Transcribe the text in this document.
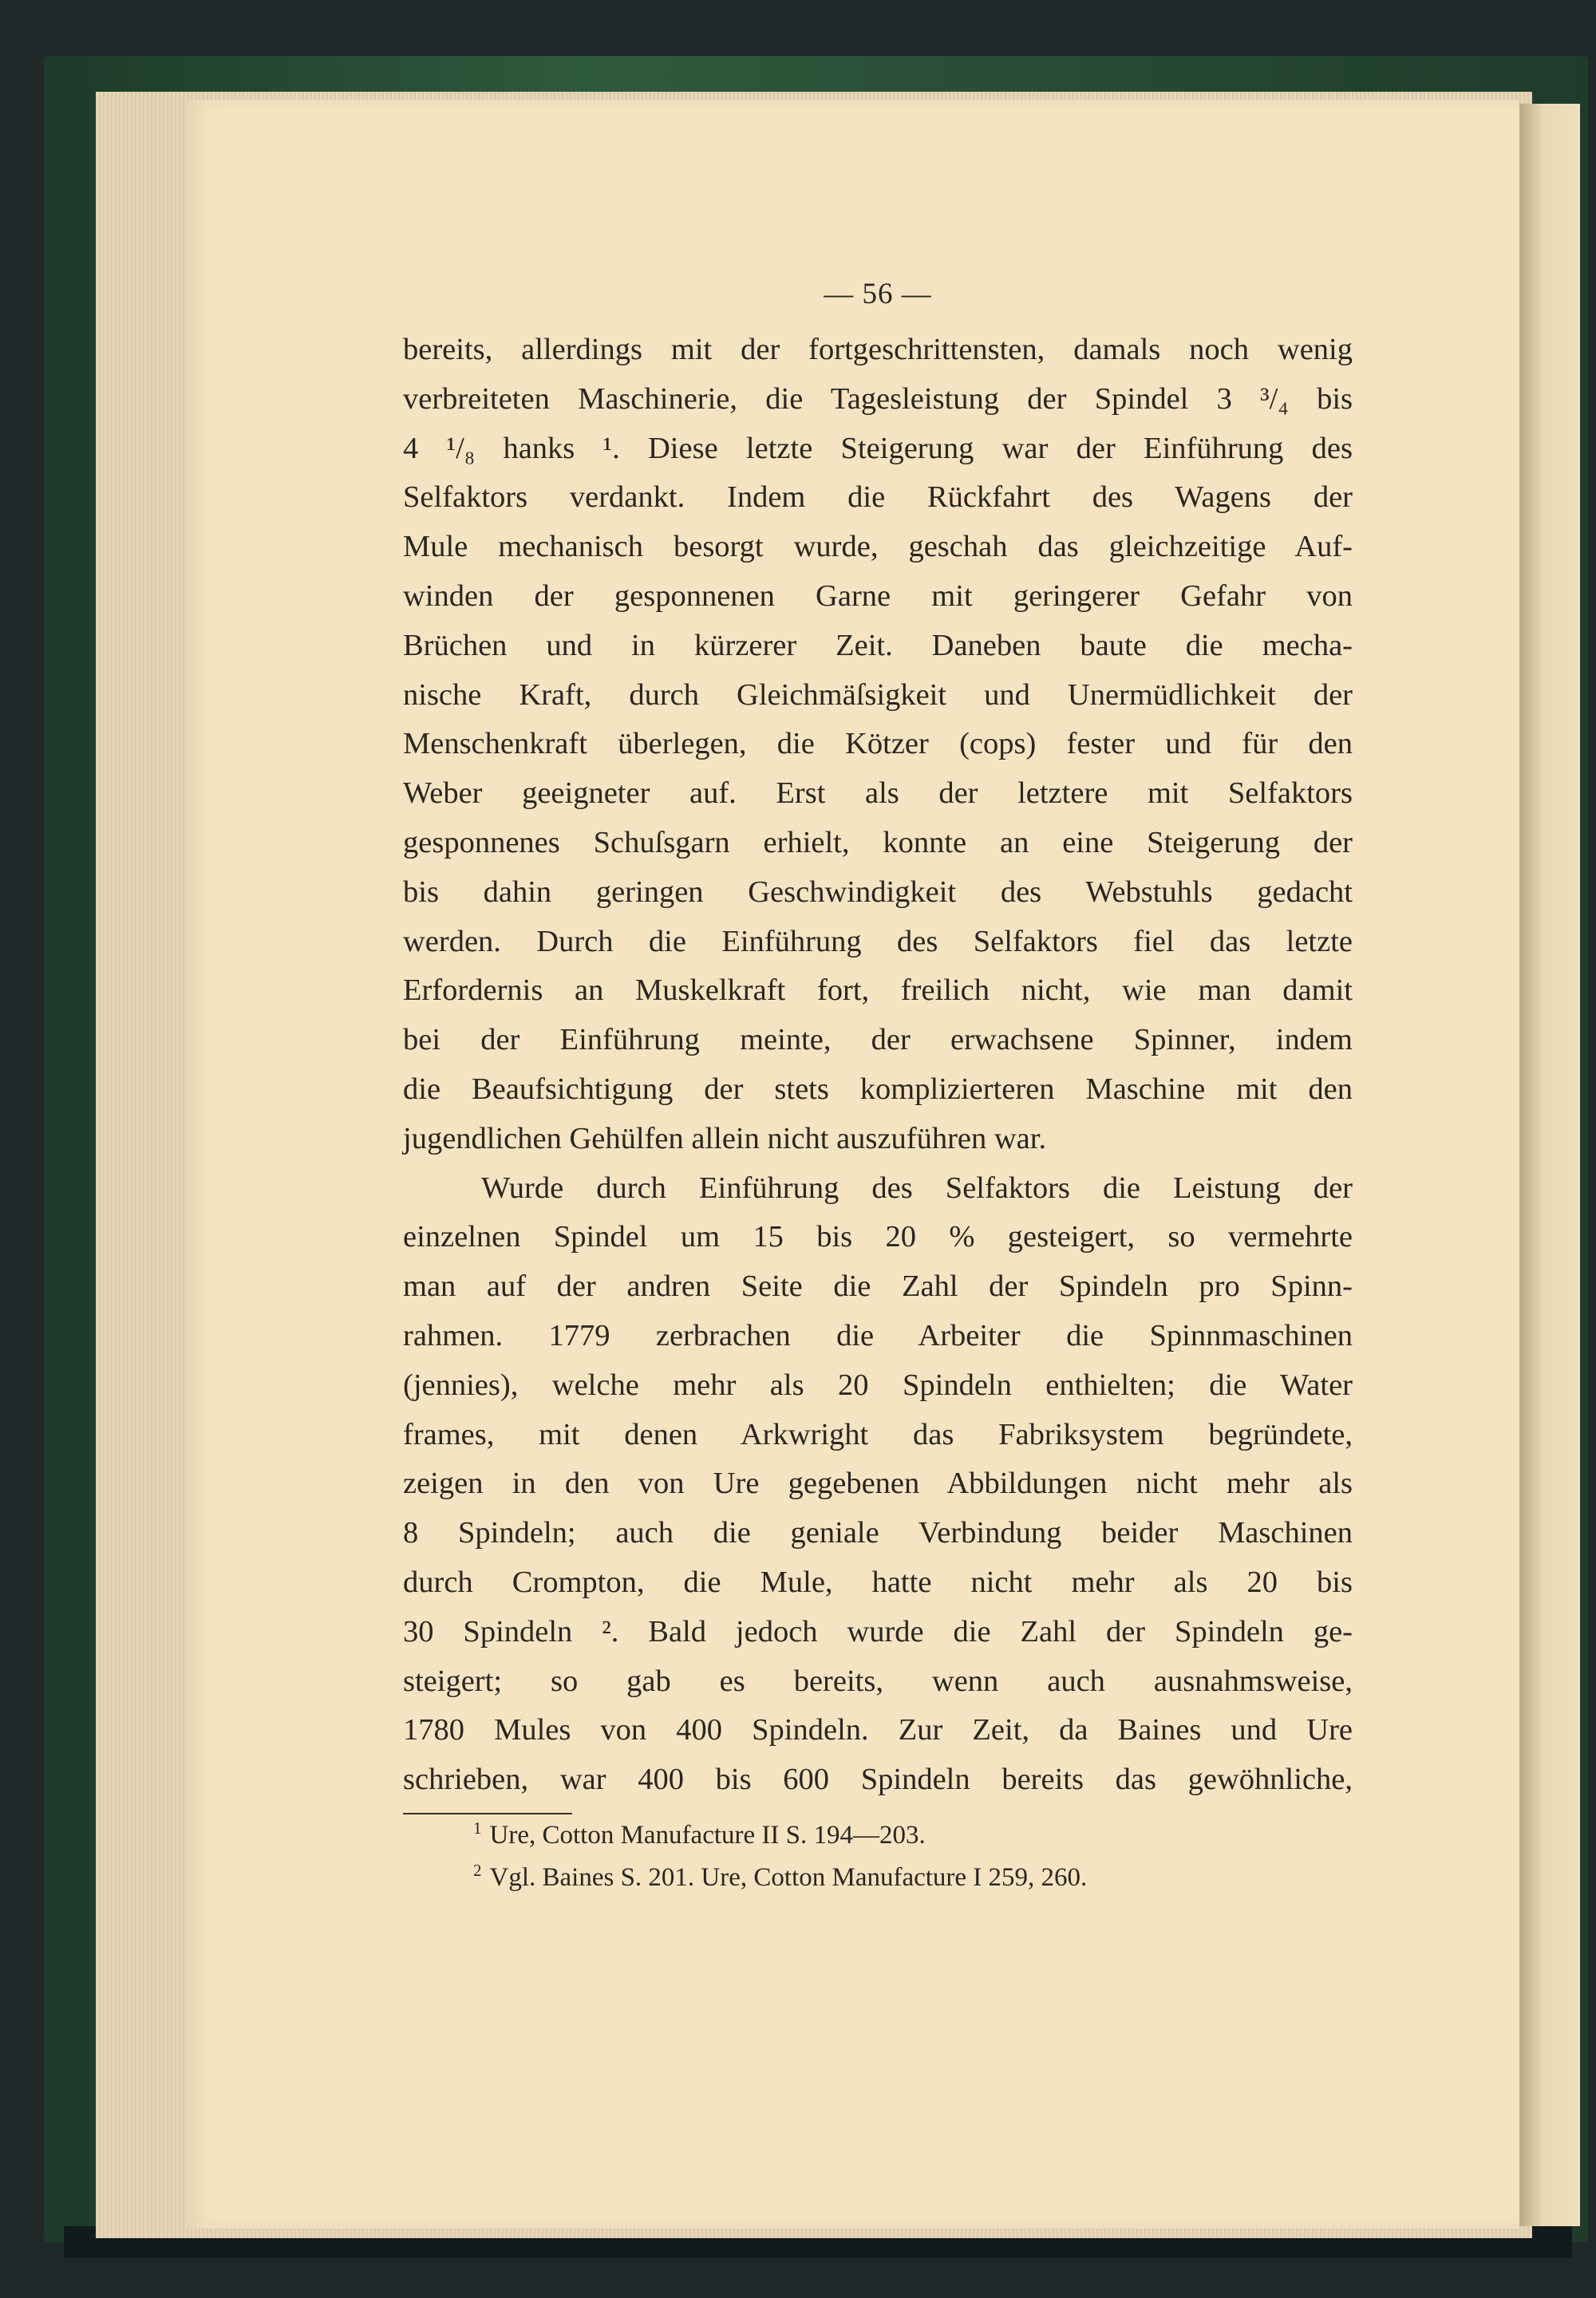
— 56 —
bereits, allerdings mit der fortgeschrittensten, damals noch wenig
verbreiteten Maschinerie, die Tagesleistung der Spindel 3 ³/₄ bis
4 ¹/₈ hanks ¹. Diese letzte Steigerung war der Einführung des
Selfaktors verdankt. Indem die Rückfahrt des Wagens der
Mule mechanisch besorgt wurde, geschah das gleichzeitige Auf-
winden der gesponnenen Garne mit geringerer Gefahr von
Brüchen und in kürzerer Zeit. Daneben baute die mecha-
nische Kraft, durch Gleichmäſsigkeit und Unermüdlichkeit der
Menschenkraft überlegen, die Kötzer (cops) fester und für den
Weber geeigneter auf. Erst als der letztere mit Selfaktors
gesponnenes Schuſsgarn erhielt, konnte an eine Steigerung der
bis dahin geringen Geschwindigkeit des Webstuhls gedacht
werden. Durch die Einführung des Selfaktors fiel das letzte
Erfordernis an Muskelkraft fort, freilich nicht, wie man damit
bei der Einführung meinte, der erwachsene Spinner, indem
die Beaufsichtigung der stets komplizierteren Maschine mit den
jugendlichen Gehülfen allein nicht auszuführen war.
Wurde durch Einführung des Selfaktors die Leistung der
einzelnen Spindel um 15 bis 20 % gesteigert, so vermehrte
man auf der andren Seite die Zahl der Spindeln pro Spinn-
rahmen. 1779 zerbrachen die Arbeiter die Spinnmaschinen
(jennies), welche mehr als 20 Spindeln enthielten; die Water
frames, mit denen Arkwright das Fabriksystem begründete,
zeigen in den von Ure gegebenen Abbildungen nicht mehr als
8 Spindeln; auch die geniale Verbindung beider Maschinen
durch Crompton, die Mule, hatte nicht mehr als 20 bis
30 Spindeln ². Bald jedoch wurde die Zahl der Spindeln ge-
steigert; so gab es bereits, wenn auch ausnahmsweise,
1780 Mules von 400 Spindeln. Zur Zeit, da Baines und Ure
schrieben, war 400 bis 600 Spindeln bereits das gewöhnliche,
$^1$ Ure, Cotton Manufacture II S. 194—203.
$^2$ Vgl. Baines S. 201. Ure, Cotton Manufacture I 259, 260.
